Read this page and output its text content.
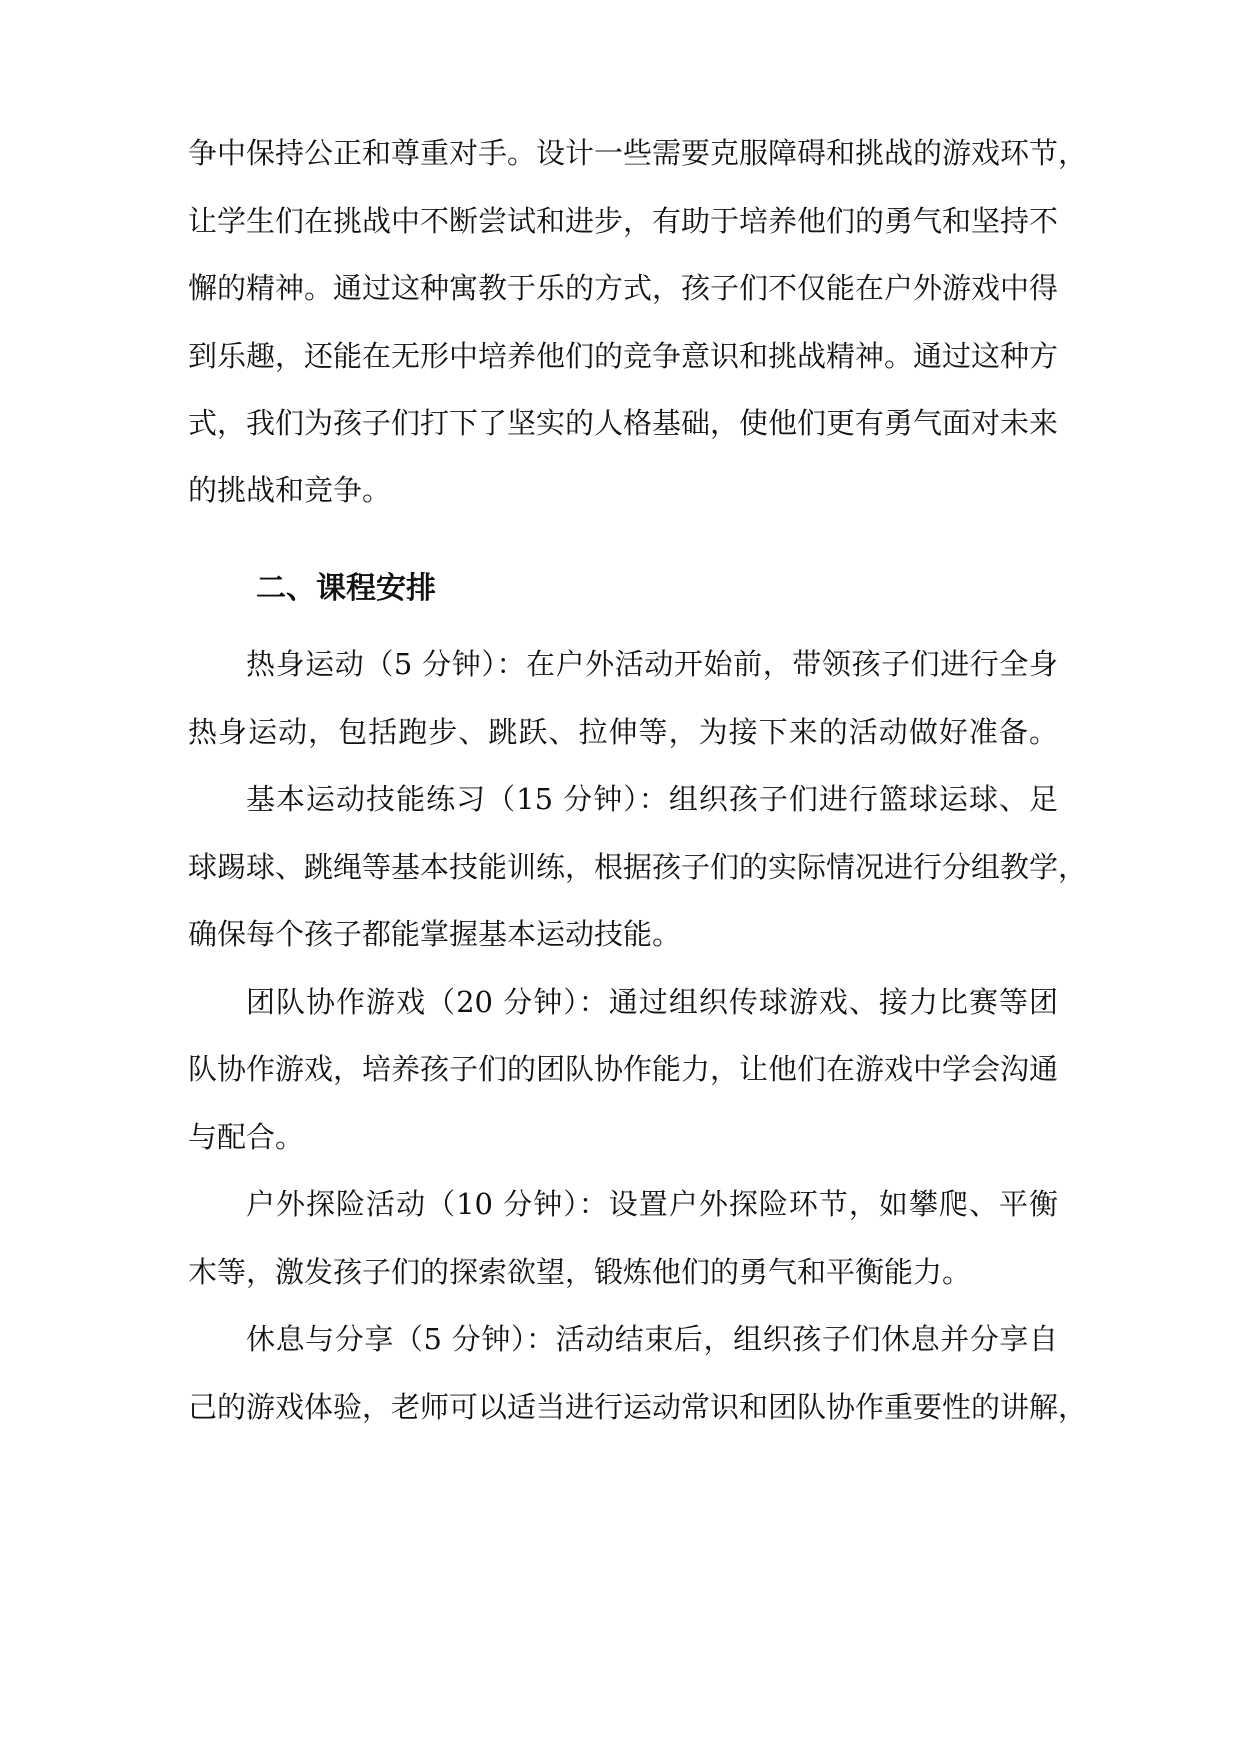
争中保持公正和尊重对手。设计一些需要克服障碍和挑战的游戏环节，
让学生们在挑战中不断尝试和进步，有助于培养他们的勇气和坚持不
懈的精神。通过这种寓教于乐的方式，孩子们不仅能在户外游戏中得
到乐趣，还能在无形中培养他们的竞争意识和挑战精神。通过这种方
式，我们为孩子们打下了坚实的人格基础，使他们更有勇气面对未来
的挑战和竞争。
二、课程安排
热身运动（5 分钟）：在户外活动开始前，带领孩子们进行全身
热身运动，包括跑步、跳跃、拉伸等，为接下来的活动做好准备。
基本运动技能练习（15 分钟）：组织孩子们进行篮球运球、足
球踢球、跳绳等基本技能训练，根据孩子们的实际情况进行分组教学，
确保每个孩子都能掌握基本运动技能。
团队协作游戏（20 分钟）：通过组织传球游戏、接力比赛等团
队协作游戏，培养孩子们的团队协作能力，让他们在游戏中学会沟通
与配合。
户外探险活动（10 分钟）：设置户外探险环节，如攀爬、平衡
木等，激发孩子们的探索欲望，锻炼他们的勇气和平衡能力。
休息与分享（5 分钟）：活动结束后，组织孩子们休息并分享自
己的游戏体验，老师可以适当进行运动常识和团队协作重要性的讲解，
